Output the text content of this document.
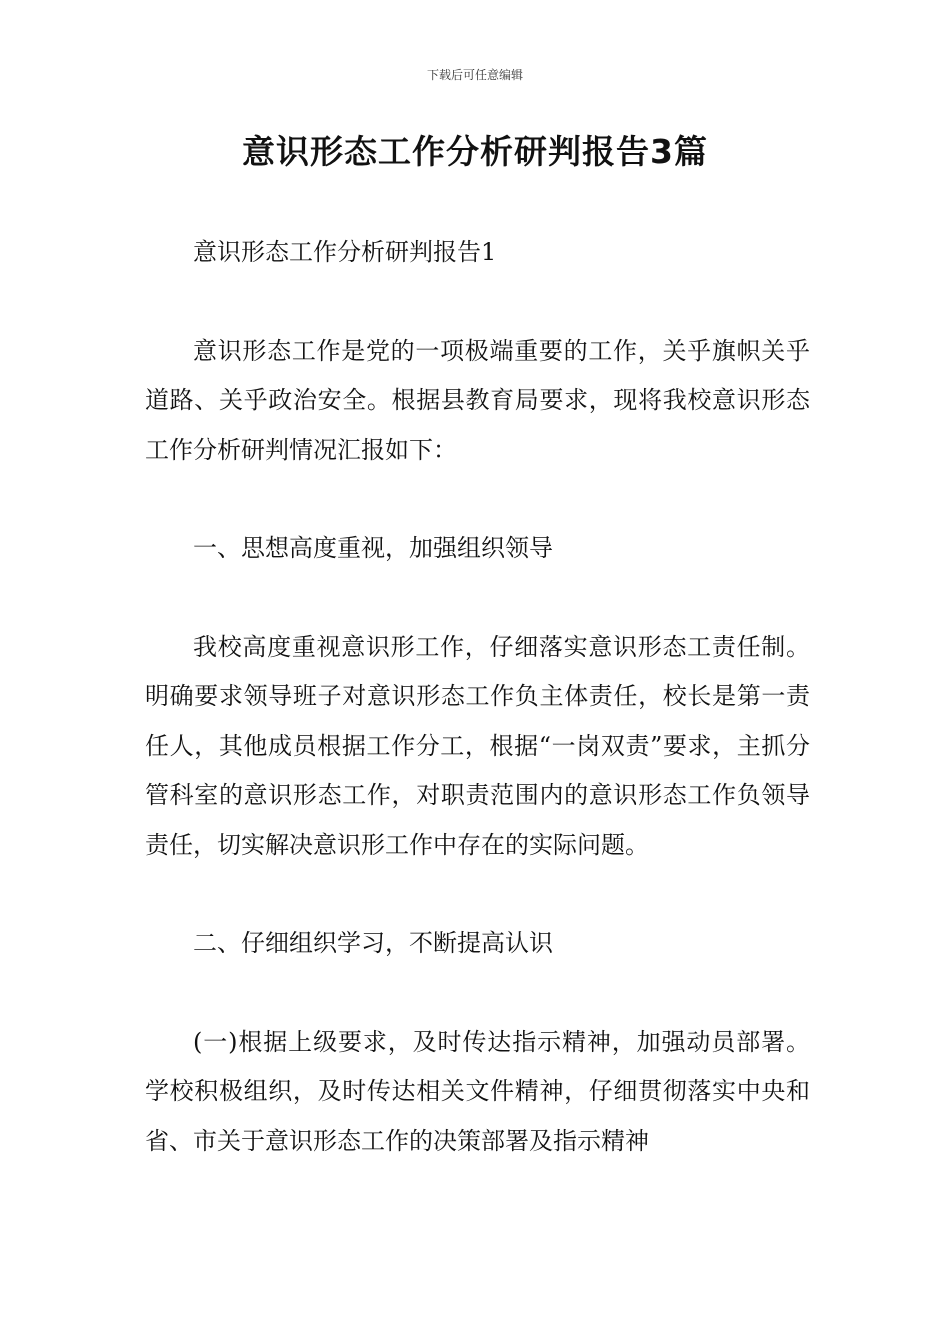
下载后可任意编辑
意识形态工作分析研判报告3篇

意识形态工作分析研判报告1

意识形态工作是党的一项极端重要的工作，关乎旗帜关乎道路、关乎政治安全。根据县教育局要求，现将我校意识形态工作分析研判情况汇报如下：

一、思想高度重视，加强组织领导

我校高度重视意识形工作，仔细落实意识形态工责任制。明确要求领导班子对意识形态工作负主体责任，校长是第一责任人，其他成员根据工作分工，根据“一岗双责”要求，主抓分管科室的意识形态工作，对职责范围内的意识形态工作负领导责任，切实解决意识形工作中存在的实际问题。

二、仔细组织学习，不断提高认识

(一)根据上级要求，及时传达指示精神，加强动员部署。学校积极组织，及时传达相关文件精神，仔细贯彻落实中央和省、市关于意识形态工作的决策部署及指示精神
